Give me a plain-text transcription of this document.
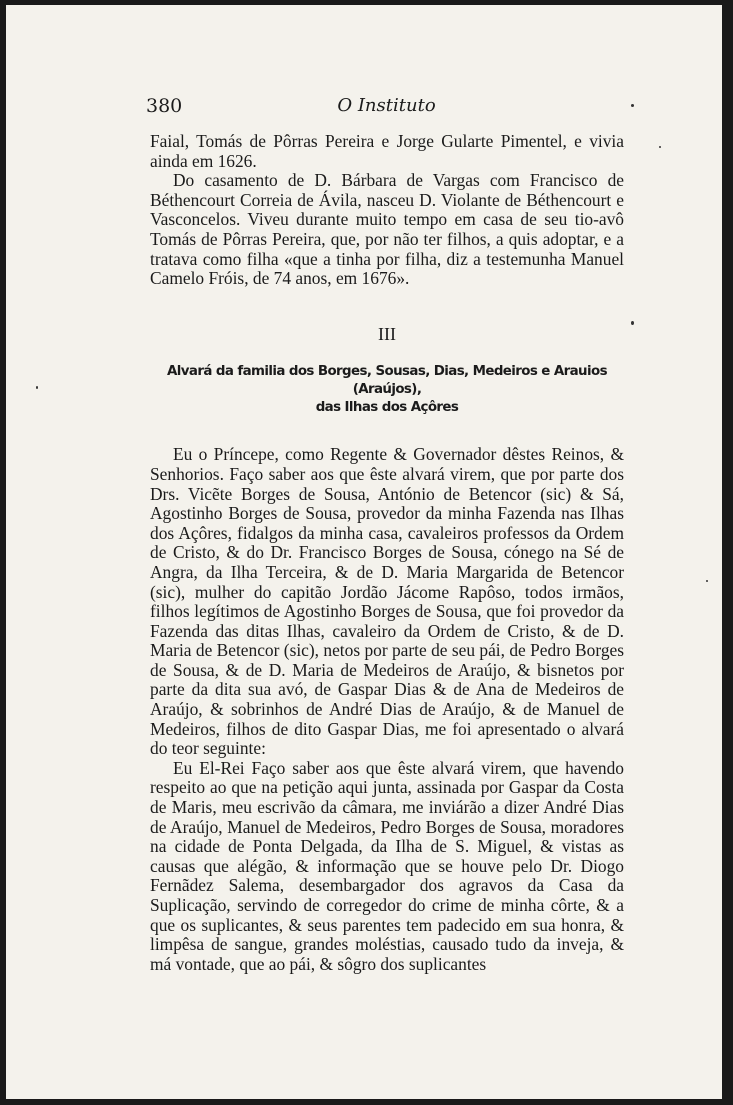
380	O Instituto

Faial, Tomás de Pôrras Pereira e Jorge Gularte Pimentel, e vivia ainda em 1626.

Do casamento de D. Bárbara de Vargas com Francisco de Béthencourt Correia de Ávila, nasceu D. Violante de Béthencourt e Vasconcelos. Viveu durante muito tempo em casa de seu tio-avô Tomás de Pôrras Pereira, que, por não ter filhos, a quis adoptar, e a tratava como filha «que a tinha por filha, diz a testemunha Manuel Camelo Fróis, de 74 anos, em 1676».

III
Alvará da familia dos Borges, Sousas, Dias, Medeiros e Arauios (Araújos),
das Ilhas dos Açôres

Eu o Príncepe, como Regente & Governador dêstes Reinos, & Senhorios. Faço saber aos que êste alvará virem, que por parte dos Drs. Vicẽte Borges de Sousa, António de Betencor (sic) & Sá, Agostinho Borges de Sousa, provedor da minha Fazenda nas Ilhas dos Açôres, fidalgos da minha casa, cavaleiros professos da Ordem de Cristo, & do Dr. Francisco Borges de Sousa, cónego na Sé de Angra, da Ilha Terceira, & de D. Maria Margarida de Betencor (sic), mulher do capitão Jordão Jácome Rapôso, todos irmãos, filhos legítimos de Agostinho Borges de Sousa, que foi provedor da Fazenda das ditas Ilhas, cavaleiro da Ordem de Cristo, & de D. Maria de Betencor (sic), netos por parte de seu pái, de Pedro Borges de Sousa, & de D. Maria de Medeiros de Araújo, & bisnetos por parte da dita sua avó, de Gaspar Dias & de Ana de Medeiros de Araújo, & sobrinhos de André Dias de Araújo, & de Manuel de Medeiros, filhos de dito Gaspar Dias, me foi apresentado o alvará do teor seguinte:

Eu El-Rei Faço saber aos que êste alvará virem, que havendo respeito ao que na petição aqui junta, assinada por Gaspar da Costa de Maris, meu escrivão da câmara, me inviárão a dizer André Dias de Araújo, Manuel de Medeiros, Pedro Borges de Sousa, moradores na cidade de Ponta Delgada, da Ilha de S. Miguel, & vistas as causas que alégão, & informação que se houve pelo Dr. Diogo Fernãdez Salema, desembargador dos agravos da Casa da Suplicação, servindo de corregedor do crime de minha côrte, & a que os suplicantes, & seus parentes tem padecido em sua honra, & limpêsa de sangue, grandes moléstias, causado tudo da inveja, & má vontade, que ao pái, & sôgro dos suplicantes
